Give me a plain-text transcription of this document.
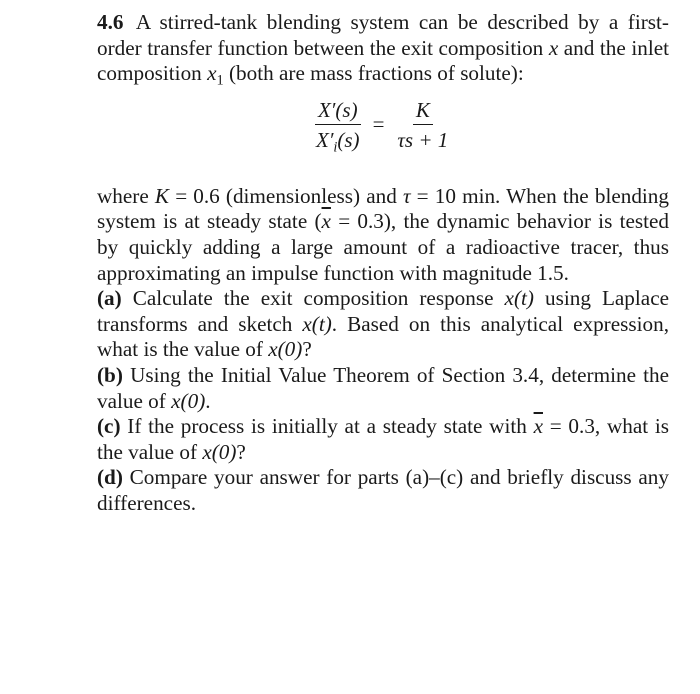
4.6 A stirred-tank blending system can be described by a first-order transfer function between the exit composition x and the inlet composition $x_1$ (both are mass fractions of solute):

$\frac{X'(s)}{X'_i(s)} = \frac{K}{\tau s + 1}$

where K = 0.6 (dimensionless) and τ = 10 min. When the blending system is at steady state $(\overline{x} = 0.3)$, the dynamic behavior is tested by quickly adding a large amount of a radioactive tracer, thus approximating an impulse function with magnitude 1.5.

(a) Calculate the exit composition response x(t) using Laplace transforms and sketch x(t). Based on this analytical expression, what is the value of x(0)?

(b) Using the Initial Value Theorem of Section 3.4, determine the value of x(0).

(c) If the process is initially at a steady state with $\overline{x} = 0.3$, what is the value of x(0)?

(d) Compare your answer for parts (a)–(c) and briefly discuss any differences.
